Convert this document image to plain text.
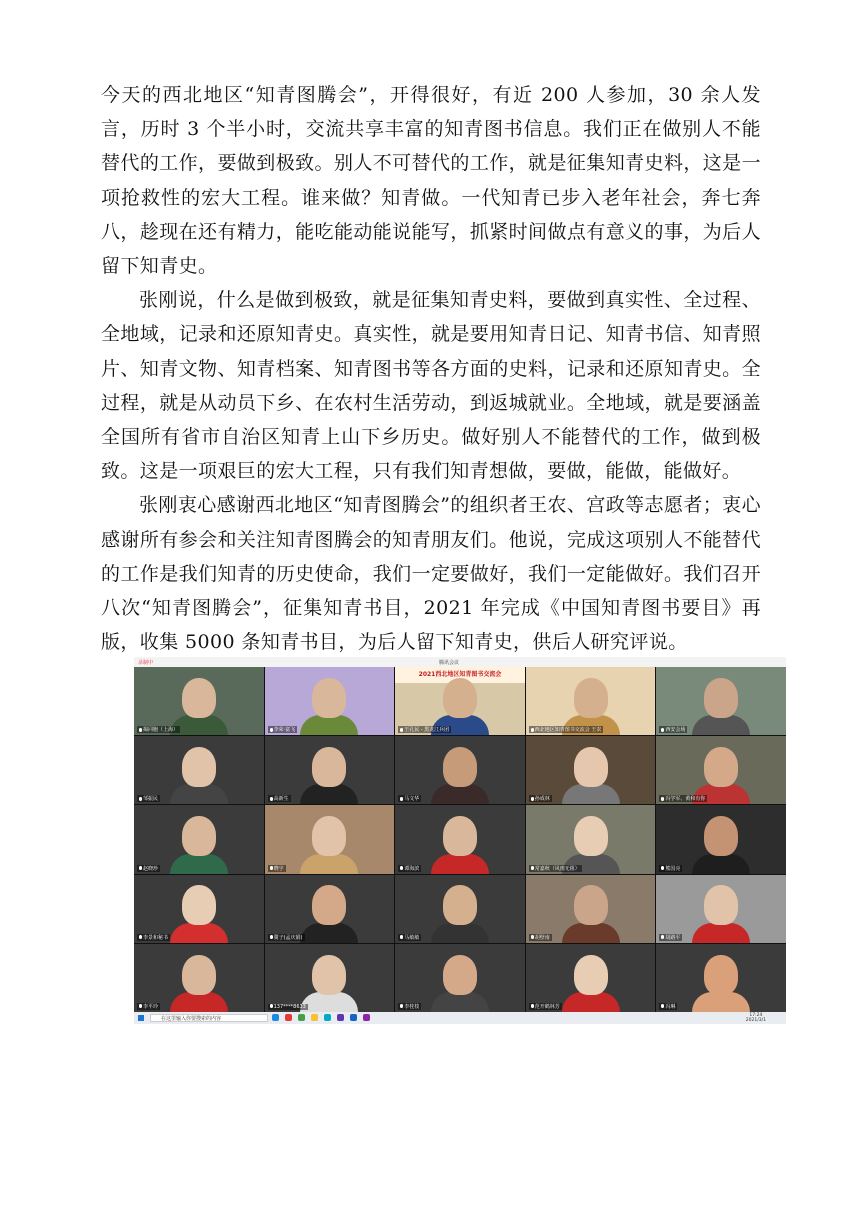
今天的西北地区“知青图腾会”，开得很好，有近 200 人参加，30 余人发言，历时 3 个半小时，交流共享丰富的知青图书信息。我们正在做别人不能替代的工作，要做到极致。别人不可替代的工作，就是征集知青史料，这是一项抢救性的宏大工程。谁来做？知青做。一代知青已步入老年社会，奔七奔八，趁现在还有精力，能吃能动能说能写，抓紧时间做点有意义的事，为后人留下知青史。

张刚说，什么是做到极致，就是征集知青史料，要做到真实性、全过程、全地域，记录和还原知青史。真实性，就是要用知青日记、知青书信、知青照片、知青文物、知青档案、知青图书等各方面的史料，记录和还原知青史。全过程，就是从动员下乡、在农村生活劳动，到返城就业。全地域，就是要涵盖全国所有省市自治区知青上山下乡历史。做好别人不能替代的工作，做到极致。这是一项艰巨的宏大工程，只有我们知青想做，要做，能做，能做好。

张刚衷心感谢西北地区“知青图腾会”的组织者王农、宫政等志愿者；衷心感谢所有参会和关注知青图腾会的知青朋友们。他说，完成这项别人不能替代的工作是我们知青的历史使命，我们一定要做好，我们一定能做好。我们召开八次“知青图腾会”，征集知青书目，2021 年完成《中国知青图书要目》再版，收集 5000 条知青书目，为后人留下知青史，供后人研究评说。

录制中	腾讯会议
揭同胞（上海）	李荣·富飞
2021西北地区知青图书交流会
王孔民 - 黑龙江兵团	西北地区知青图书交流会 王农	西安会场
邹振民	高新生	马文华	孙成林	冯学军、黄和有你
赵晓珍	晓宇	谭海滨	常嘉秋（风雨无阻）	熊国亮
李景和秘书	冀子(孟庆娟)	马敏敏	胡壁南	胡路平
李平玲	137****8633	李桂枝	范开鹤林芳	冯琳
在这里输入你要搜索的内容
17:24
2021/3/1
